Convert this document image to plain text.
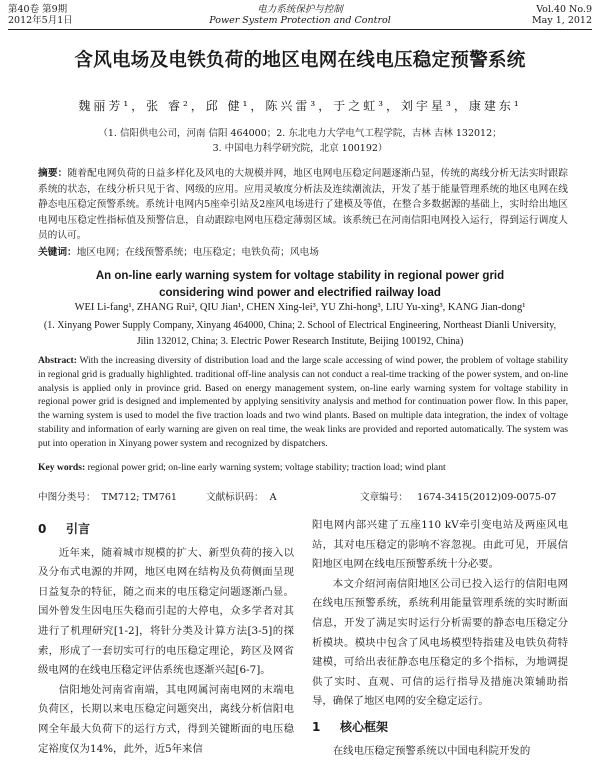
第40卷 第9期
2012年5月1日
电力系统保护与控制
Power System Protection and Control
Vol.40 No.9
May 1, 2012
含风电场及电铁负荷的地区电网在线电压稳定预警系统
魏丽芳¹，张 睿²，邱 健¹，陈兴雷³，于之虹³，刘宇星³，康建东¹
（1. 信阳供电公司，河南 信阳 464000；2. 东北电力大学电气工程学院，吉林 吉林 132012；
3. 中国电力科学研究院，北京 100192）
摘要：随着配电网负荷的日益多样化及风电的大规模并网，地区电网电压稳定问题逐渐凸显，传统的离线分析无法实时跟踪系统的状态，在线分析只见于省、网级的应用。应用灵敏度分析法及连续潮流法，开发了基于能量管理系统的地区电网在线静态电压稳定预警系统。系统计电网内5座牵引站及2座风电场进行了建模及等值，在整合多数据源的基础上，实时给出地区电网电压稳定性指标值及预警信息，自动跟踪电网电压稳定薄弱区域。该系统已在河南信阳电网投入运行，得到运行调度人员的认可。
关键词：地区电网；在线预警系统；电压稳定；电铁负荷；风电场
An on-line early warning system for voltage stability in regional power grid
considering wind power and electrified railway load
WEI Li-fang¹, ZHANG Rui², QIU Jian¹, CHEN Xing-lei³, YU Zhi-hong³, LIU Yu-xing³, KANG Jian-dong¹
(1. Xinyang Power Supply Company, Xinyang 464000, China; 2. School of Electrical Engineering, Northeast Dianli University,
Jilin 132012, China; 3. Electric Power Research Institute, Beijing 100192, China)
Abstract: With the increasing diversity of distribution load and the large scale accessing of wind power, the problem of voltage stability in regional grid is gradually highlighted. traditional off-line analysis can not conduct a real-time tracking of the power system, and on-line analysis is applied only in province grid. Based on energy management system, on-line early warning system for voltage stability in regional power grid is designed and implemented by applying sensitivity analysis and method for continuation power flow. In this paper, the warning system is used to model the five traction loads and two wind plants. Based on multiple data integration, the index of voltage stability and information of early warning are given on real time, the weak links are provided and reported automatically. The system was put into operation in Xinyang power system and recognized by dispatchers.
Key words: regional power grid; on-line early warning system; voltage stability; traction load; wind plant
中图分类号： TM712; TM761	文献标识码： A	文章编号： 1674-3415(2012)09-0075-07
0 引言

近年来，随着城市规模的扩大、新型负荷的接入以及分布式电源的并网，地区电网在结构及负荷侧面呈现日益复杂的特征，随之而来的电压稳定问题逐渐凸显。国外曾发生因电压失稳而引起的大停电，众多学者对其进行了机理研究[1-2]，将针分类及计算方法[3-5]的探索，形成了一套切实可行的电压稳定理论，跨区及网省级电网的在线电压稳定评估系统也逐渐兴起[6-7]。

信阳地处河南省南端，其电网属河南电网的末端电负荷区，长期以来电压稳定问题突出，离线分析信阳电网全年最大负荷下的运行方式，得到关键断面的电压稳定裕度仅为14%，此外，近5年来信

阳电网内部兴建了五座110 kV牵引变电站及两座风电站，其对电压稳定的影响不容忽视。由此可见，开展信阳地区电网在线电压预警系统十分必要。

本文介绍河南信阳地区公司已投入运行的信阳电网在线电压预警系统，系统利用能量管理系统的实时断面信息，开发了满足实时运行分析需要的静态电压稳定分析模块。模块中包含了风电场模型特指建及电铁负荷特建模，可给出表征静态电压稳定的多个指标，为地调提供了实时、直观、可信的运行指导及措施决策辅助指导，确保了地区电网的安全稳定运行。

1 核心框架

在线电压稳定预警系统以中国电科院开发的
